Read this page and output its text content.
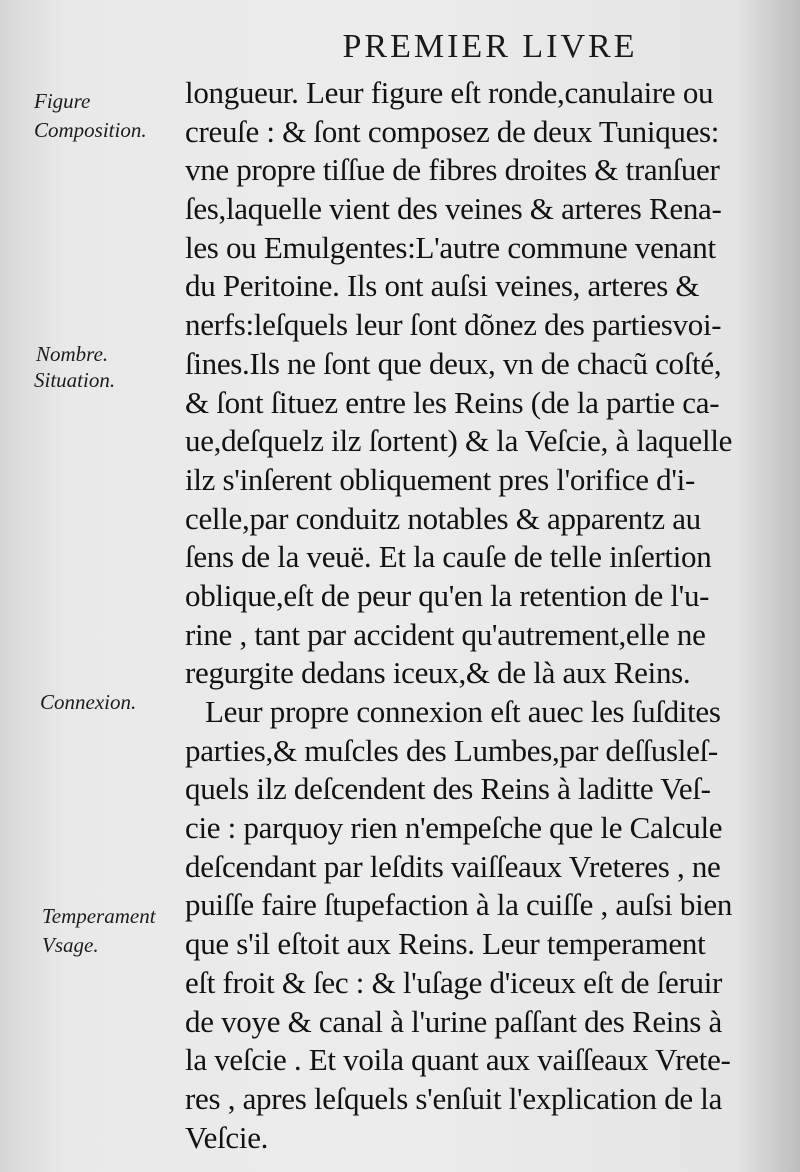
PREMIER LIVRE
Figure
Composition.
Nombre.
Situation.
Connexion.
Temperament
Vsage.
longueur. Leur figure eſt ronde,canulaire ou
creuſe : & ſont composez de deux Tuniques:
vne propre tiſſue de fibres droites & tranſuer
ſes,laquelle vient des veines & arteres Rena-
les ou Emulgentes:L'autre commune venant
du Peritoine. Ils ont auſsi veines, arteres &
nerfs:leſquels leur ſont dõnez des partiesvoi-
ſines.Ils ne ſont que deux, vn de chacũ coſté,
& ſont ſituez entre les Reins (de la partie ca-
ue,deſquelz ilz ſortent) & la Veſcie, à laquelle
ilz s'inſerent obliquement pres l'orifice d'i-
celle,par conduitz notables & apparentz au
ſens de la veuë. Et la cauſe de telle inſertion
oblique,eſt de peur qu'en la retention de l'u-
rine , tant par accident qu'autrement,elle ne
regurgite dedans iceux,& de là aux Reins.
Leur propre connexion eſt auec les ſuſdites
parties,& muſcles des Lumbes,par deſſusleſ-
quels ilz deſcendent des Reins à laditte Veſ-
cie : parquoy rien n'empeſche que le Calcule
deſcendant par leſdits vaiſſeaux Vreteres , ne
puiſſe faire ſtupefaction à la cuiſſe , auſsi bien
que s'il eſtoit aux Reins. Leur temperament
eſt froit & ſec : & l'uſage d'iceux eſt de ſeruir
de voye & canal à l'urine paſſant des Reins à
la veſcie . Et voila quant aux vaiſſeaux Vrete-
res , apres leſquels s'enſuit l'explication de la
Veſcie.
